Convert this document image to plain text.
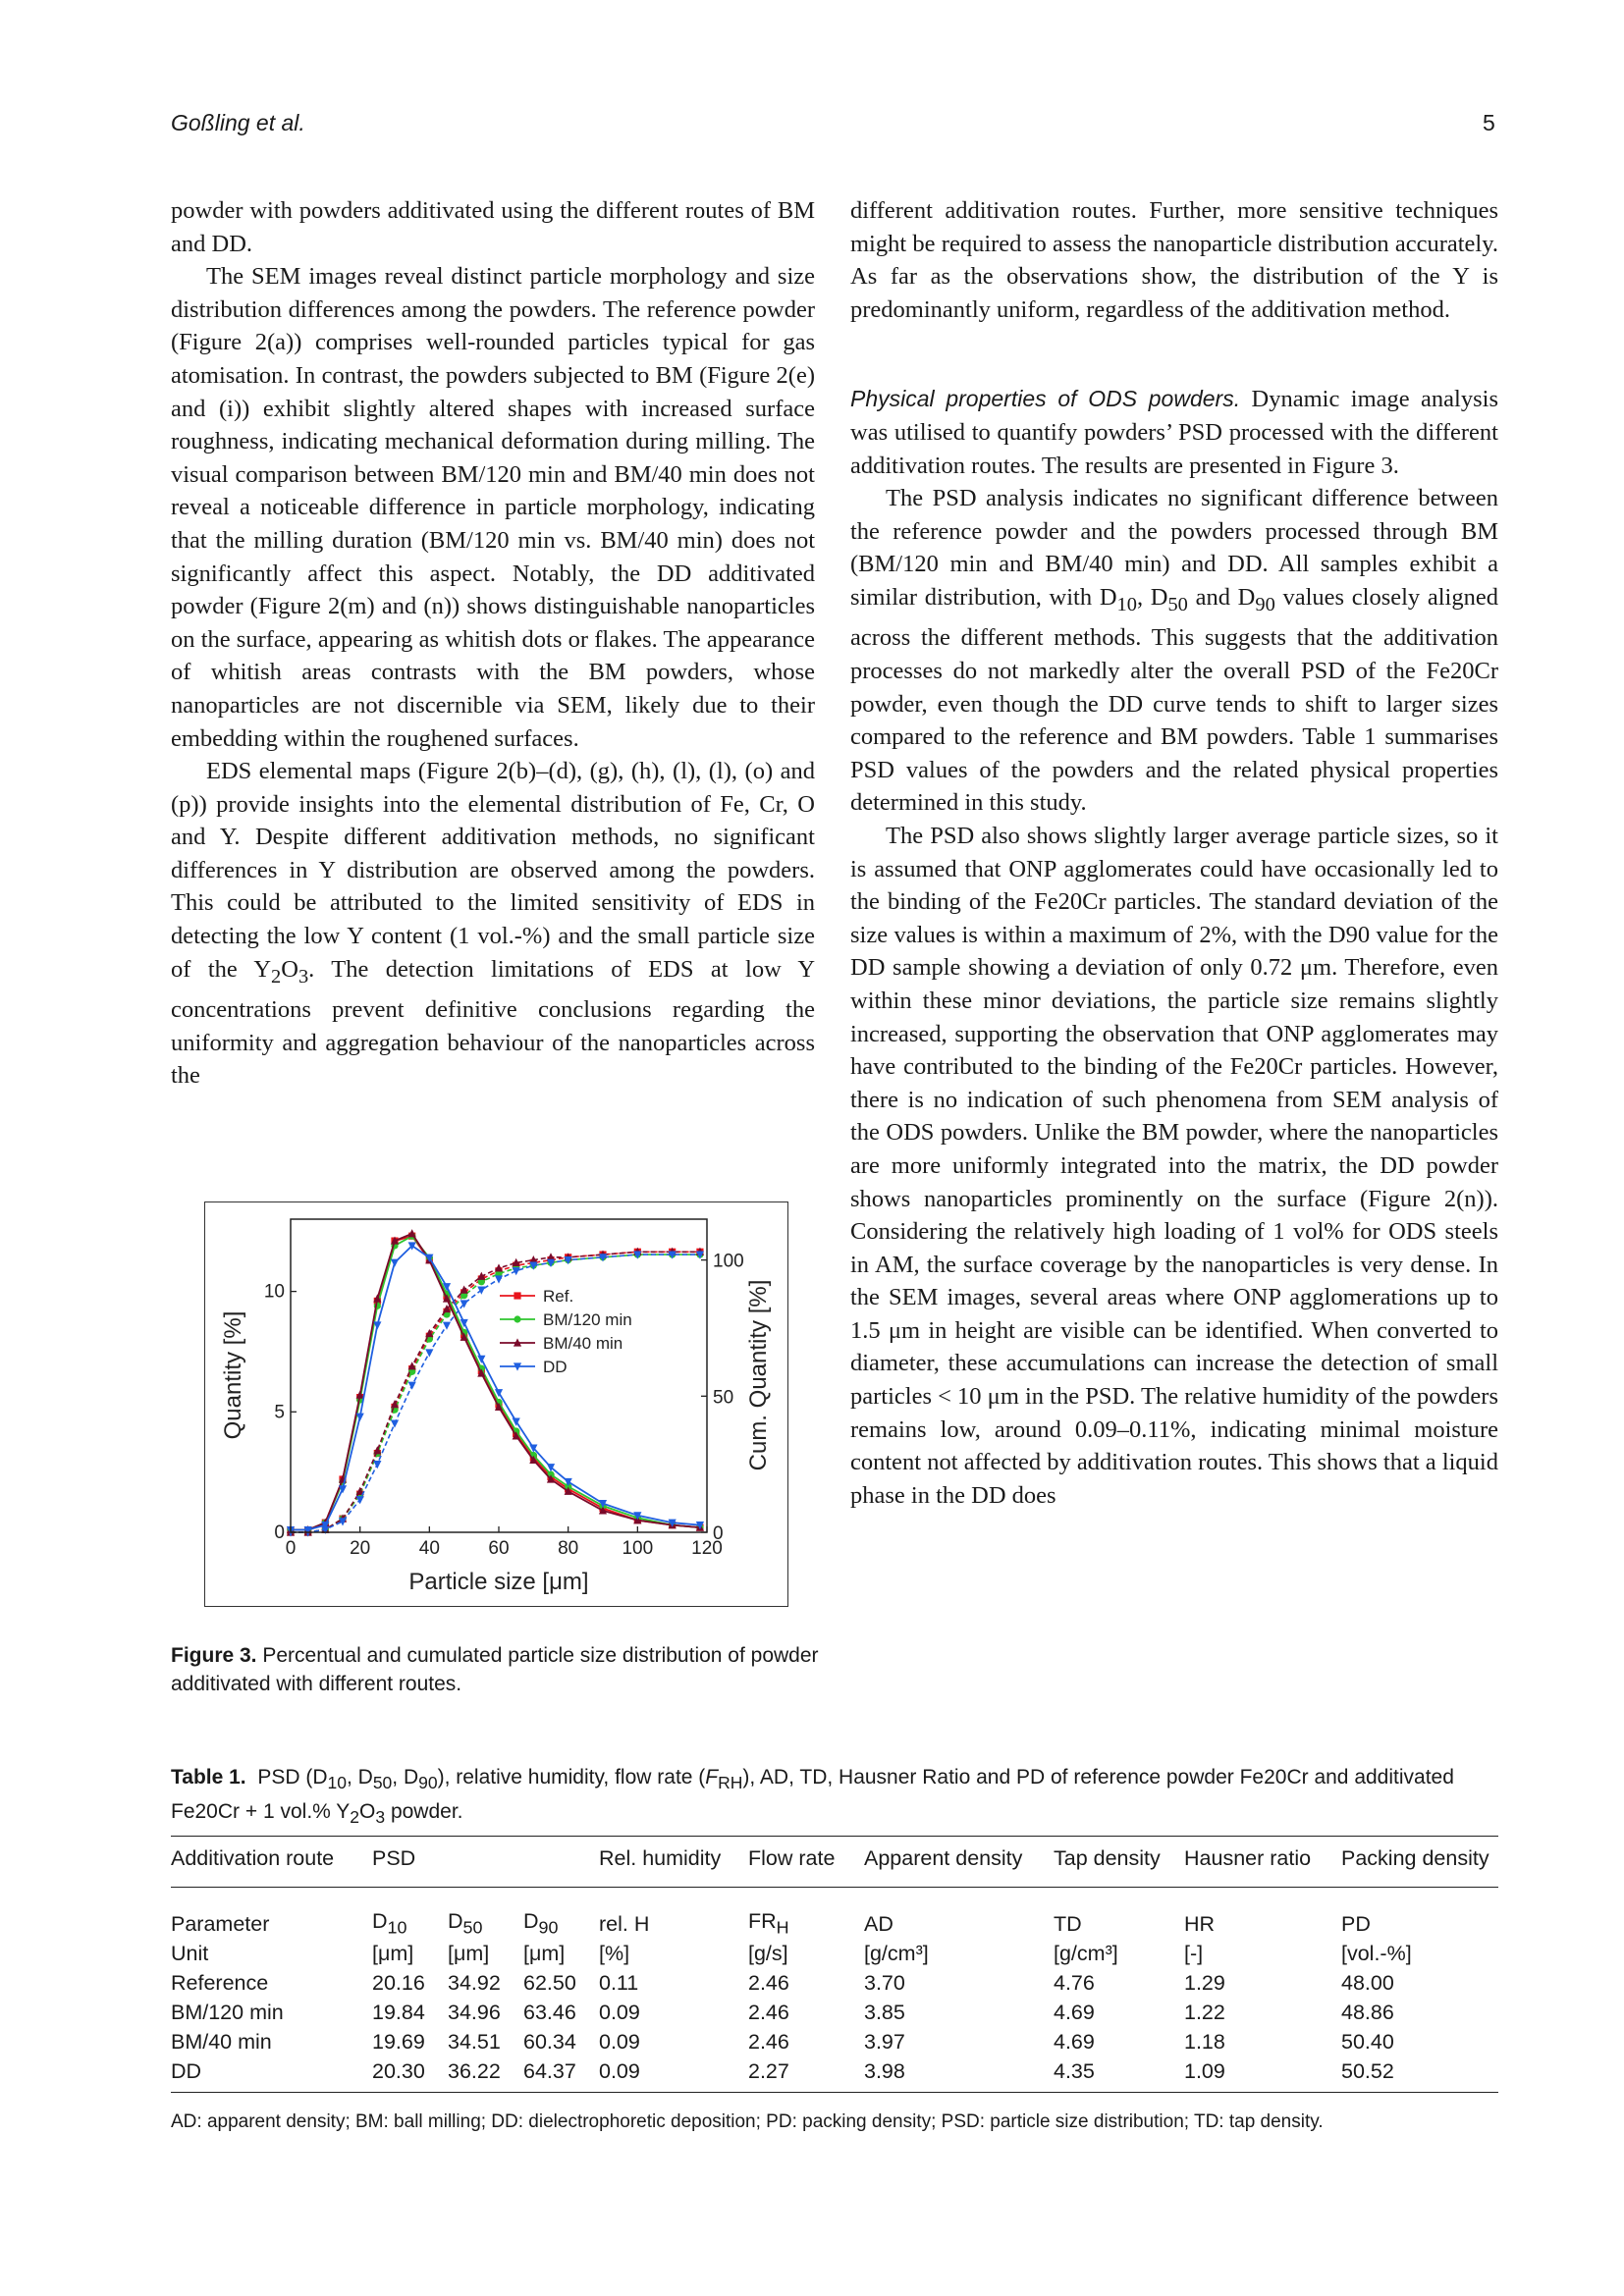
Goßling et al.	5

powder with powders additivated using the different routes of BM and DD.

The SEM images reveal distinct particle morphology and size distribution differences among the powders. The reference powder (Figure 2(a)) comprises well-rounded particles typical for gas atomisation. In contrast, the powders subjected to BM (Figure 2(e) and (i)) exhibit slightly altered shapes with increased surface roughness, indicating mechanical deformation during milling. The visual comparison between BM/120 min and BM/40 min does not reveal a noticeable difference in particle morphology, indicating that the milling duration (BM/120 min vs. BM/40 min) does not significantly affect this aspect. Notably, the DD additivated powder (Figure 2(m) and (n)) shows distinguishable nanoparticles on the surface, appearing as whitish dots or flakes. The appearance of whitish areas contrasts with the BM powders, whose nanoparticles are not discernible via SEM, likely due to their embedding within the roughened surfaces.

EDS elemental maps (Figure 2(b)–(d), (g), (h), (l), (l), (o) and (p)) provide insights into the elemental distribution of Fe, Cr, O and Y. Despite different additivation methods, no significant differences in Y distribution are observed among the powders. This could be attributed to the limited sensitivity of EDS in detecting the low Y content (1 vol.-%) and the small particle size of the $Y_2O_3$. The detection limitations of EDS at low Y concentrations prevent definitive conclusions regarding the uniformity and aggregation behaviour of the nanoparticles across the

different additivation routes. Further, more sensitive techniques might be required to assess the nanoparticle distribution accurately. As far as the observations show, the distribution of the Y is predominantly uniform, regardless of the additivation method.

Physical properties of ODS powders. Dynamic image analysis was utilised to quantify powders’ PSD processed with the different additivation routes. The results are presented in Figure 3.

The PSD analysis indicates no significant difference between the reference powder and the powders processed through BM (BM/120 min and BM/40 min) and DD. All samples exhibit a similar distribution, with $D_{10}$, $D_{50}$ and $D_{90}$ values closely aligned across the different methods. This suggests that the additivation processes do not markedly alter the overall PSD of the Fe20Cr powder, even though the DD curve tends to shift to larger sizes compared to the reference and BM powders. Table 1 summarises PSD values of the powders and the related physical properties determined in this study.

The PSD also shows slightly larger average particle sizes, so it is assumed that ONP agglomerates could have occasionally led to the binding of the Fe20Cr particles. The standard deviation of the size values is within a maximum of 2%, with the D90 value for the DD sample showing a deviation of only 0.72 μm. Therefore, even within these minor deviations, the particle size remains slightly increased, supporting the observation that ONP agglomerates may have contributed to the binding of the Fe20Cr particles. However, there is no indication of such phenomena from SEM analysis of the ODS powders. Unlike the BM powder, where the nanoparticles are more uniformly integrated into the matrix, the DD powder shows nanoparticles prominently on the surface (Figure 2(n)). Considering the relatively high loading of 1 vol% for ODS steels in AM, the surface coverage by the nanoparticles is very dense. In the SEM images, several areas where ONP agglomerations up to 1.5 μm in height are visible can be identified. When converted to diameter, these accumulations can increase the detection of small particles < 10 μm in the PSD. The relative humidity of the powders remains low, around 0.09–0.11%, indicating minimal moisture content not affected by additivation routes. This shows that a liquid phase in the DD does

0	20	40	60	80 100 120
0
5
10
0
50
100
Ref.
BM/120 min
BM/40 min
DD
Particle size [μm]
Quantity [%]	Cum. Quantity [%]
Figure 3. Percentual and cumulated particle size distribution of powder additivated with different routes.
Table 1. PSD ($D_{10}$, $D_{50}$, $D_{90}$), relative humidity, flow rate $(F_{RH})$, AD, TD, Hausner Ratio and PD of reference powder Fe20Cr and additivated Fe20Cr + 1 vol.% $Y_2O_3$ powder.
Additivation route	PSD			Rel. humidity	Flow rate	Apparent density	Tap density	Hausner ratio	Packing density

Parameter	$D_{10}$	$D_{50}$	$D_{90}$	rel. H	$FR_H$	AD	TD	HR	PD
Unit	[μm]	[μm]	[μm]	[%]	[g/s]	[g/cm³]	[g/cm³]	[-]	[vol.-%]
Reference	20.16	34.92	62.50	0.11	2.46	3.70	4.76	1.29	48.00
BM/120 min	19.84	34.96	63.46	0.09	2.46	3.85	4.69	1.22	48.86
BM/40 min	19.69	34.51	60.34	0.09	2.46	3.97	4.69	1.18	50.40
DD	20.30	36.22	64.37	0.09	2.27	3.98	4.35	1.09	50.52
AD: apparent density; BM: ball milling; DD: dielectrophoretic deposition; PD: packing density; PSD: particle size distribution; TD: tap density.
